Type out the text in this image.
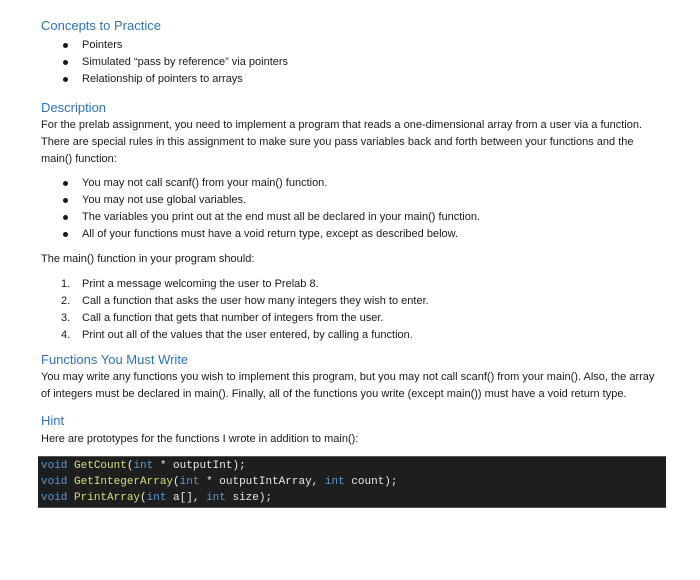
Concepts to Practice
Pointers
Simulated “pass by reference” via pointers
Relationship of pointers to arrays
Description

For the prelab assignment, you need to implement a program that reads a one-dimensional array from a user via a function. There are special rules in this assignment to make sure you pass variables back and forth between your functions and the main() function:

You may not call scanf() from your main() function.
You may not use global variables.
The variables you print out at the end must all be declared in your main() function.
All of your functions must have a void return type, except as described below.

The main() function in your program should:

1.	Print a message welcoming the user to Prelab 8.
2.	Call a function that asks the user how many integers they wish to enter.
3.	Call a function that gets that number of integers from the user.
4.	Print out all of the values that the user entered, by calling a function.
Functions You Must Write

You may write any functions you wish to implement this program, but you may not call scanf() from your main(). Also, the array of integers must be declared in main(). Finally, all of the functions you write (except main()) must have a void return type.

Hint

Here are prototypes for the functions I wrote in addition to main():

void GetCount(int * outputInt);
void GetIntegerArray(int * outputIntArray, int count);
void PrintArray(int a[], int size);
